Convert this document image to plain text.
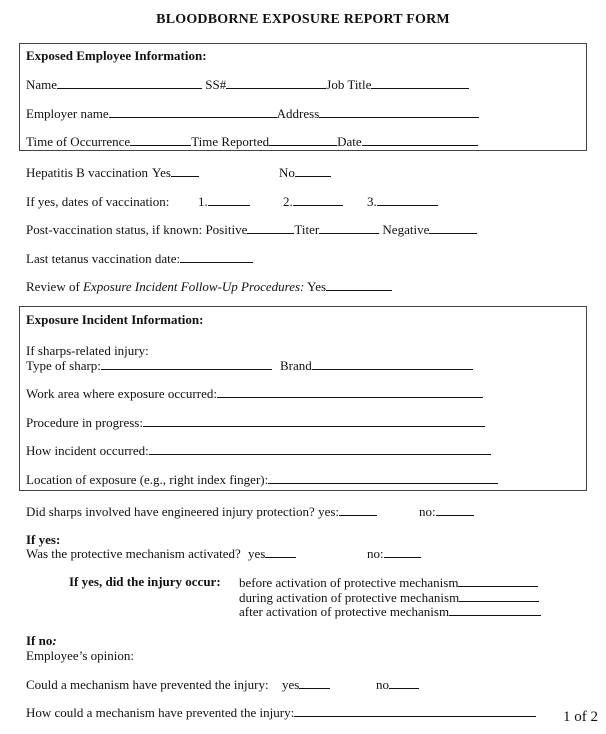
BLOODBORNE EXPOSURE REPORT FORM
Exposed Employee Information:
Name	SS#	Job Title
Employer name	Address
Time of Occurrence	Time Reported	Date
Hepatitis B vaccination Yes	No
If yes, dates of vaccination: 1.	2.	3.
Post-vaccination status, if known: Positive	Titer	Negative
Last tetanus vaccination date:
Review of Exposure Incident Follow-Up Procedures: Yes
Exposure Incident Information:
If sharps-related injury:
Type of sharp:	Brand
Work area where exposure occurred:
Procedure in progress:
How incident occurred:
Location of exposure (e.g., right index finger):
Did sharps involved have engineered injury protection? yes:	no:
If yes:
Was the protective mechanism activated? yes	no:
If yes, did the injury occur: before activation of protective mechanism
during activation of protective mechanism
after activation of protective mechanism
If no:
Employee’s opinion:
Could a mechanism have prevented the injury: yes	no
How could a mechanism have prevented the injury:	1 of 2
